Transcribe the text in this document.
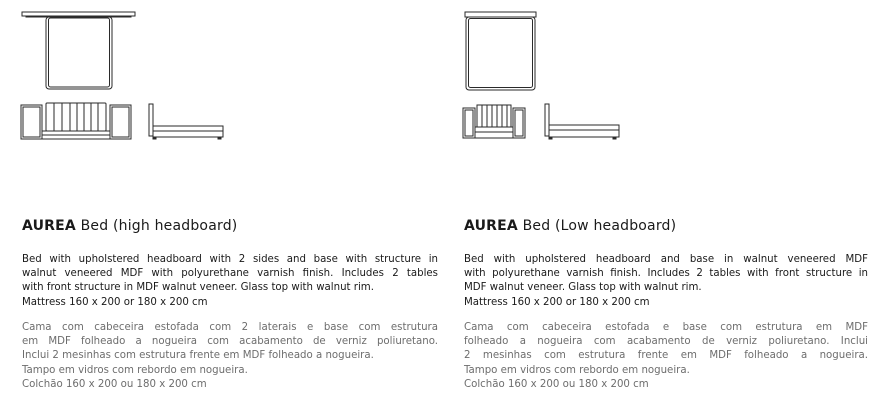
AUREA Bed (high headboard)
Bed with upholstered headboard with 2 sides and base with structure in
walnut veneered MDF with polyurethane varnish finish. Includes 2 tables
with front structure in MDF walnut veneer. Glass top with walnut rim.
Mattress 160 x 200 or 180 x 200 cm
Cama com cabeceira estofada com 2 laterais e base com estrutura
em MDF folheado a nogueira com acabamento de verniz poliuretano.
Inclui 2 mesinhas com estrutura frente em MDF folheado a nogueira.
Tampo em vidros com rebordo em nogueira.
Colchão 160 x 200 ou 180 x 200 cm
AUREA Bed (Low headboard)
Bed with upholstered headboard and base in walnut veneered MDF
with polyurethane varnish finish. Includes 2 tables with front structure in
MDF walnut veneer. Glass top with walnut rim.
Mattress 160 x 200 or 180 x 200 cm
Cama com cabeceira estofada e base com estrutura em MDF
folheado a nogueira com acabamento de verniz poliuretano. Inclui
2 mesinhas com estrutura frente em MDF folheado a nogueira.
Tampo em vidros com rebordo em nogueira.
Colchão 160 x 200 ou 180 x 200 cm
